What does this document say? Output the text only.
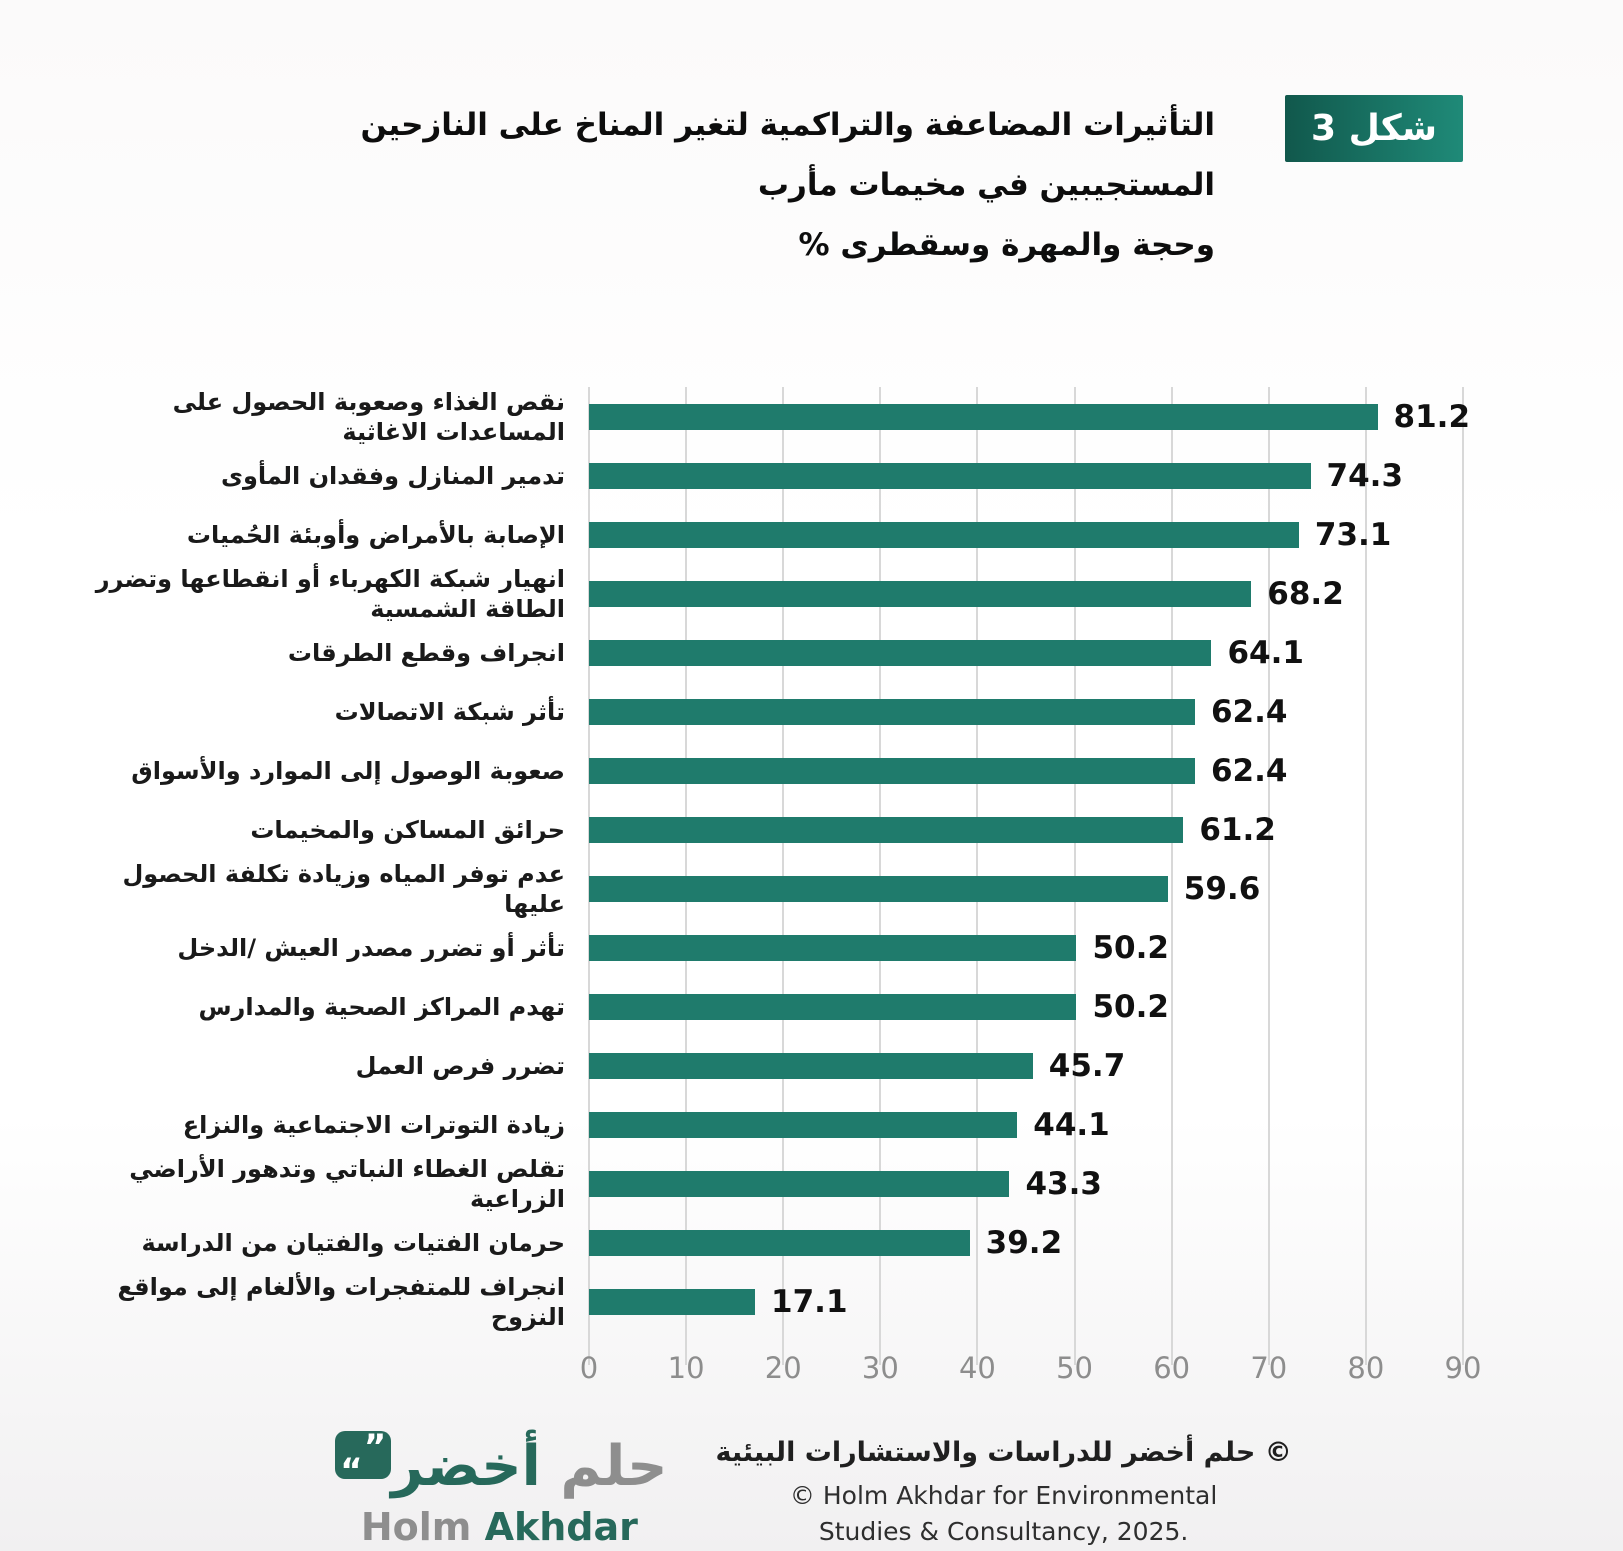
شكل 3
التأثيرات المضاعفة والتراكمية لتغير المناخ على النازحين المستجيبين في مخيمات مأرب
وحجة والمهرة وسقطرى %
نقص الغذاء وصعوبة الحصول على المساعدات الاغاثية	81.2
تدمير المنازل وفقدان المأوى	74.3
الإصابة بالأمراض وأوبئة الحُميات	73.1
انهيار شبكة الكهرباء أو انقطاعها وتضرر الطاقة الشمسية	68.2
انجراف وقطع الطرقات	64.1
تأثر شبكة الاتصالات	62.4
صعوبة الوصول إلى الموارد والأسواق	62.4
حرائق المساكن والمخيمات	61.2
عدم توفر المياه وزيادة تكلفة الحصول عليها	59.6
تأثر أو تضرر مصدر العيش /الدخل	50.2
تهدم المراكز الصحية والمدارس	50.2
تضرر فرص العمل	45.7
زيادة التوترات الاجتماعية والنزاع	44.1
تقلص الغطاء النباتي وتدهور الأراضي الزراعية	43.3
حرمان الفتيات والفتيان من الدراسة	39.2
انجراف للمتفجرات والألغام إلى مواقع النزوح	17.1
0 10 20 30 40 50 60 70 80 90
حلم أخضر
”
“
Holm Akhdar
© حلم أخضر للدراسات والاستشارات البيئية
© Holm Akhdar for Environmental
Studies & Consultancy, 2025.
